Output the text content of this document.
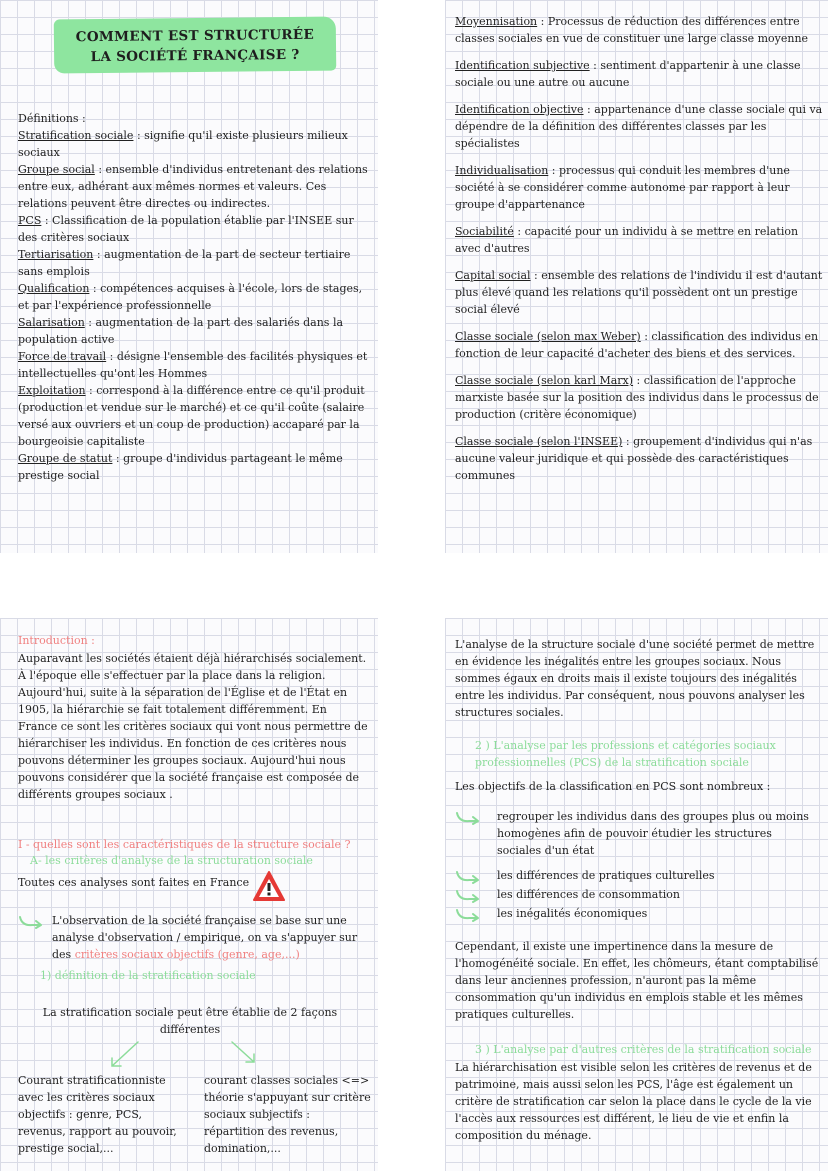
COMMENT EST STRUCTURÉE
LA SOCIÉTÉ FRANÇAISE ?
Définitions :
Stratification sociale : signifie qu'il existe plusieurs milieux sociaux
Groupe social : ensemble d'individus entretenant des relations entre eux, adhérant aux mêmes normes et valeurs. Ces relations peuvent être directes ou indirectes.
PCS : Classification de la population établie par l'INSEE sur des critères sociaux
Tertiarisation : augmentation de la part de secteur tertiaire sans emplois
Qualification : compétences acquises à l'école, lors de stages, et par l'expérience professionnelle
Salarisation : augmentation de la part des salariés dans la population active
Force de travail : désigne l'ensemble des facilités physiques et intellectuelles qu'ont les Hommes
Exploitation : correspond à la différence entre ce qu'il produit (production et vendue sur le marché) et ce qu'il coûte (salaire versé aux ouvriers et un coup de production) accaparé par la bourgeoisie capitaliste
Groupe de statut : groupe d'individus partageant le même prestige social
Moyennisation : Processus de réduction des différences entre classes sociales en vue de constituer une large classe moyenne
Identification subjective : sentiment d'appartenir à une classe sociale ou une autre ou aucune
Identification objective : appartenance d'une classe sociale qui va dépendre de la définition des différentes classes par les spécialistes
Individualisation : processus qui conduit les membres d'une société à se considérer comme autonome par rapport à leur groupe d'appartenance
Sociabilité : capacité pour un individu à se mettre en relation avec d'autres
Capital social : ensemble des relations de l'individu il est d'autant plus élevé quand les relations qu'il possèdent ont un prestige social élevé
Classe sociale (selon max Weber) : classification des individus en fonction de leur capacité d'acheter des biens et des services.
Classe sociale (selon karl Marx) : classification de l'approche marxiste basée sur la position des individus dans le processus de production (critère économique)
Classe sociale (selon l'INSEE) : groupement d'individus qui n'as aucune valeur juridique et qui possède des caractéristiques communes
Introduction :
Auparavant les sociétés étaient déjà hiérarchisés socialement. À l'époque elle s'effectuer par la place dans la religion. Aujourd'hui, suite à la séparation de l'Église et de l'État en 1905, la hiérarchie se fait totalement différemment. En France ce sont les critères sociaux qui vont nous permettre de hiérarchiser les individus. En fonction de ces critères nous pouvons déterminer les groupes sociaux. Aujourd'hui nous pouvons considérer que la société française est composée de différents groupes sociaux .
I - quelles sont les caractéristiques de la structure sociale ?
A- les critères d'analyse de la structuration sociale
Toutes ces analyses sont faites en France
L'observation de la société française se base sur une analyse d'observation / empirique, on va s'appuyer sur des critères sociaux objectifs (genre, age,...)
1) définition de la stratification sociale
La stratification sociale peut être établie de 2 façons différentes
Courant stratificationniste avec les critères sociaux objectifs : genre, PCS, revenus, rapport au pouvoir, prestige social,...
courant classes sociales <=> théorie s'appuyant sur critère sociaux subjectifs : répartition des revenus, domination,...
L'analyse de la structure sociale d'une société permet de mettre en évidence les inégalités entre les groupes sociaux. Nous sommes égaux en droits mais il existe toujours des inégalités entre les individus. Par conséquent, nous pouvons analyser les structures sociales.
2 ) L'analyse par les professions et catégories sociaux professionnelles (PCS) de la stratification sociale
Les objectifs de la classification en PCS sont nombreux :
regrouper les individus dans des groupes plus ou moins homogènes afin de pouvoir étudier les structures sociales d'un état
les différences de pratiques culturelles
les différences de consommation
les inégalités économiques
Cependant, il existe une impertinence dans la mesure de l'homogénéité sociale. En effet, les chômeurs, étant comptabilisé dans leur anciennes profession, n'auront pas la même consommation qu'un individus en emplois stable et les mêmes pratiques culturelles.
3 ) L'analyse par d'autres critères de la stratification sociale
La hiérarchisation est visible selon les critères de revenus et de patrimoine, mais aussi selon les PCS, l'âge est également un critère de stratification car selon la place dans le cycle de la vie l'accès aux ressources est différent, le lieu de vie et enfin la composition du ménage.
